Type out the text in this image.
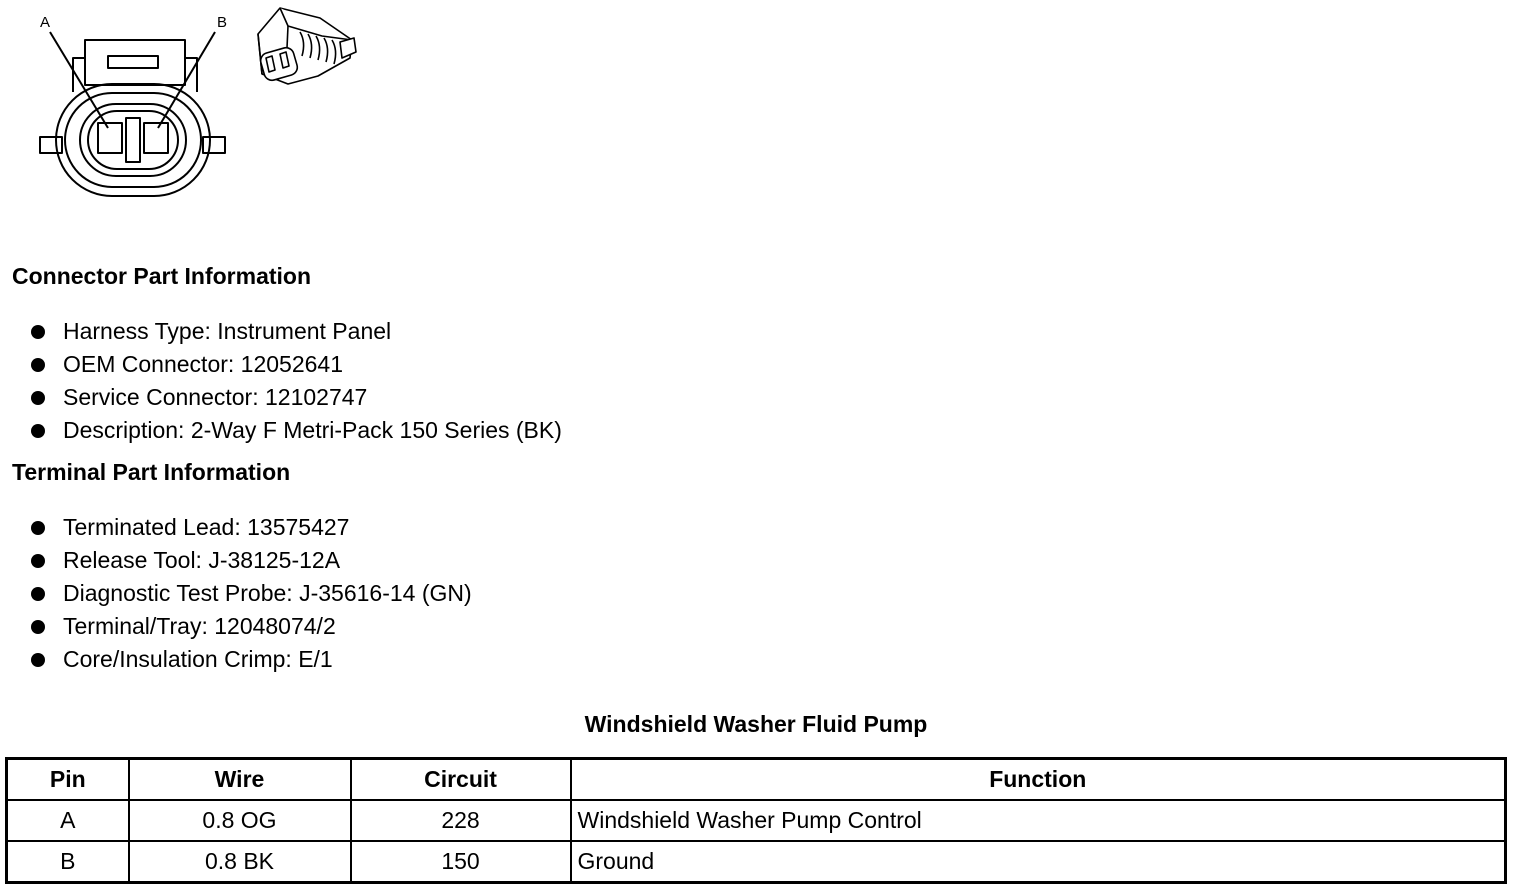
A	B
Connector Part Information
Harness Type: Instrument Panel
OEM Connector: 12052641
Service Connector: 12102747
Description: 2-Way F Metri-Pack 150 Series (BK)
Terminal Part Information
Terminated Lead: 13575427
Release Tool: J-38125-12A
Diagnostic Test Probe: J-35616-14 (GN)
Terminal/Tray: 12048074/2
Core/Insulation Crimp: E/1
Windshield Washer Fluid Pump
Pin	Wire	Circuit	Function
A	0.8 OG	228	Windshield Washer Pump Control
B	0.8 BK	150	Ground
